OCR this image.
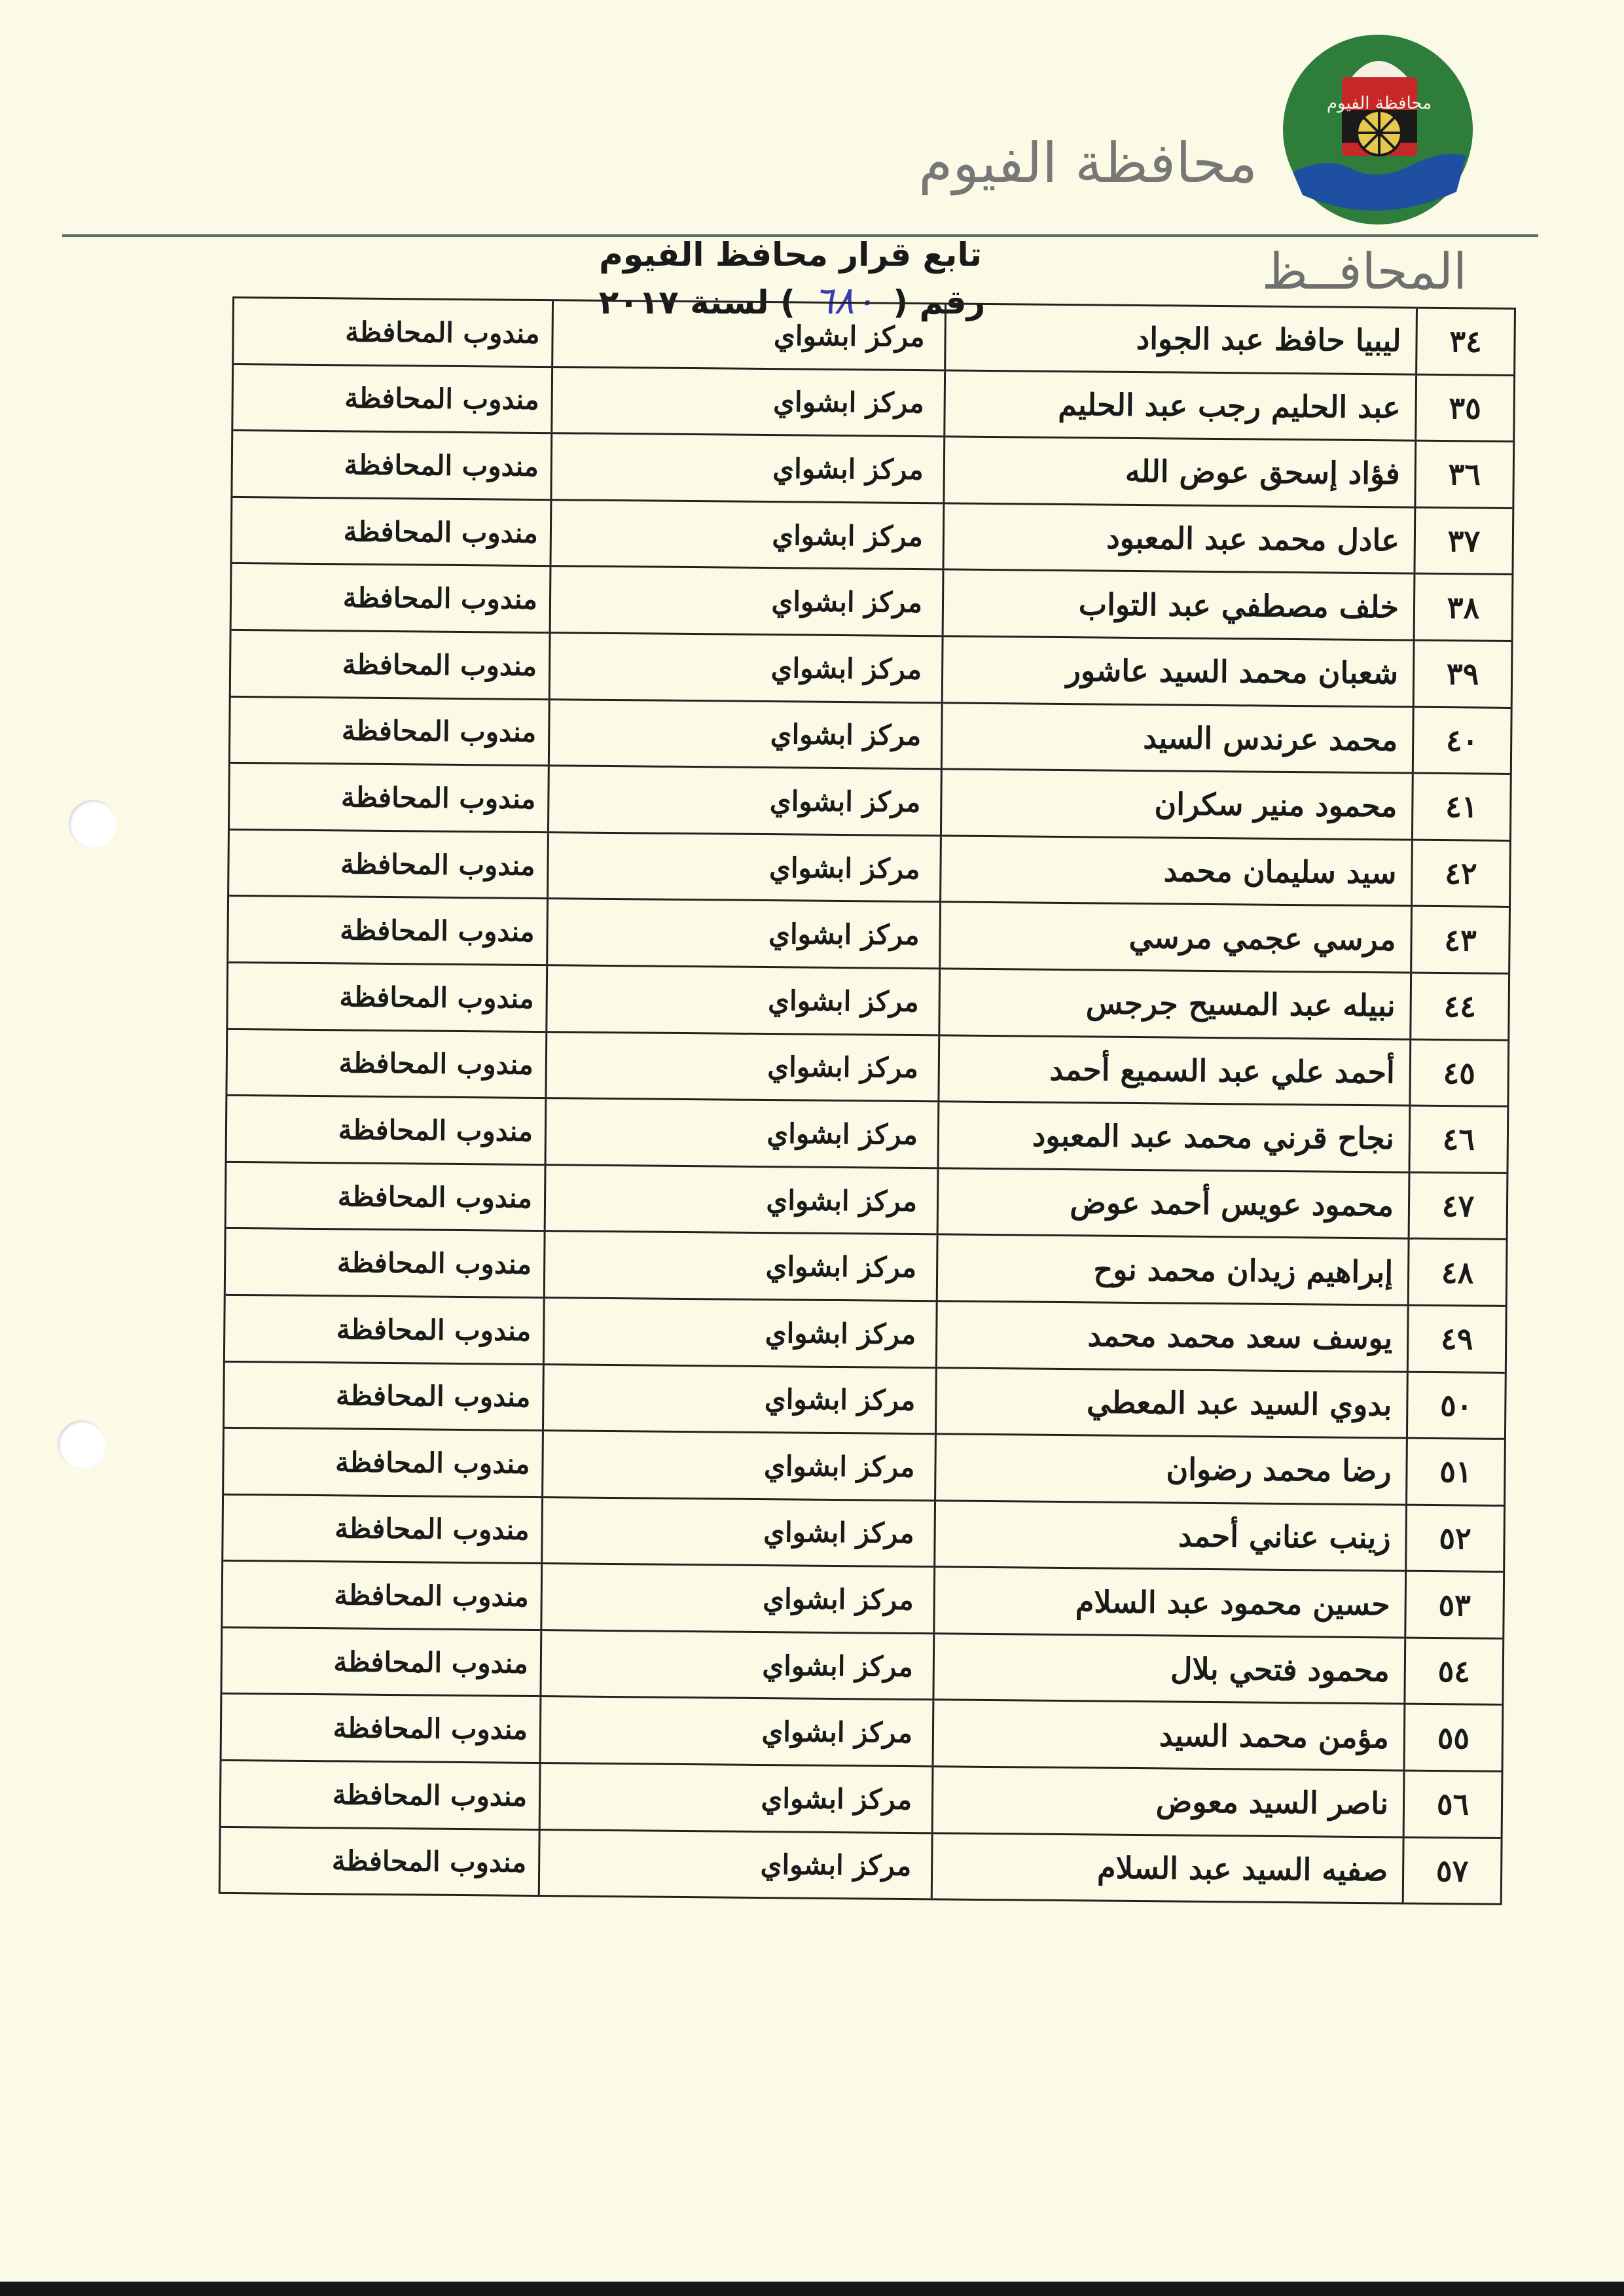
محافظة الفيوم
محافظة الفيوم
المحافــظ
تابع قرار محافظ الفيوم
رقم (٦٨٠) لسنة ٢٠١٧
٣٤
ليبيا حافظ عبد الجواد
مركز ابشواي
مندوب المحافظة
٣٥
عبد الحليم رجب عبد الحليم
مركز ابشواي
مندوب المحافظة
٣٦
فؤاد إسحق عوض الله
مركز ابشواي
مندوب المحافظة
٣٧
عادل محمد عبد المعبود
مركز ابشواي
مندوب المحافظة
٣٨
خلف مصطفي عبد التواب
مركز ابشواي
مندوب المحافظة
٣٩
شعبان محمد السيد عاشور
مركز ابشواي
مندوب المحافظة
٤٠
محمد عرندس السيد
مركز ابشواي
مندوب المحافظة
٤١
محمود منير سكران
مركز ابشواي
مندوب المحافظة
٤٢
سيد سليمان محمد
مركز ابشواي
مندوب المحافظة
٤٣
مرسي عجمي مرسي
مركز ابشواي
مندوب المحافظة
٤٤
نبيله عبد المسيح جرجس
مركز ابشواي
مندوب المحافظة
٤٥
أحمد علي عبد السميع أحمد
مركز ابشواي
مندوب المحافظة
٤٦
نجاح قرني محمد عبد المعبود
مركز ابشواي
مندوب المحافظة
٤٧
محمود عويس أحمد عوض
مركز ابشواي
مندوب المحافظة
٤٨
إبراهيم زيدان محمد نوح
مركز ابشواي
مندوب المحافظة
٤٩
يوسف سعد محمد محمد
مركز ابشواي
مندوب المحافظة
٥٠
بدوي السيد عبد المعطي
مركز ابشواي
مندوب المحافظة
٥١
رضا محمد رضوان
مركز ابشواي
مندوب المحافظة
٥٢
زينب عناني أحمد
مركز ابشواي
مندوب المحافظة
٥٣
حسين محمود عبد السلام
مركز ابشواي
مندوب المحافظة
٥٤
محمود فتحي بلال
مركز ابشواي
مندوب المحافظة
٥٥
مؤمن محمد السيد
مركز ابشواي
مندوب المحافظة
٥٦
ناصر السيد معوض
مركز ابشواي
مندوب المحافظة
٥٧
صفيه السيد عبد السلام
مركز ابشواي
مندوب المحافظة
